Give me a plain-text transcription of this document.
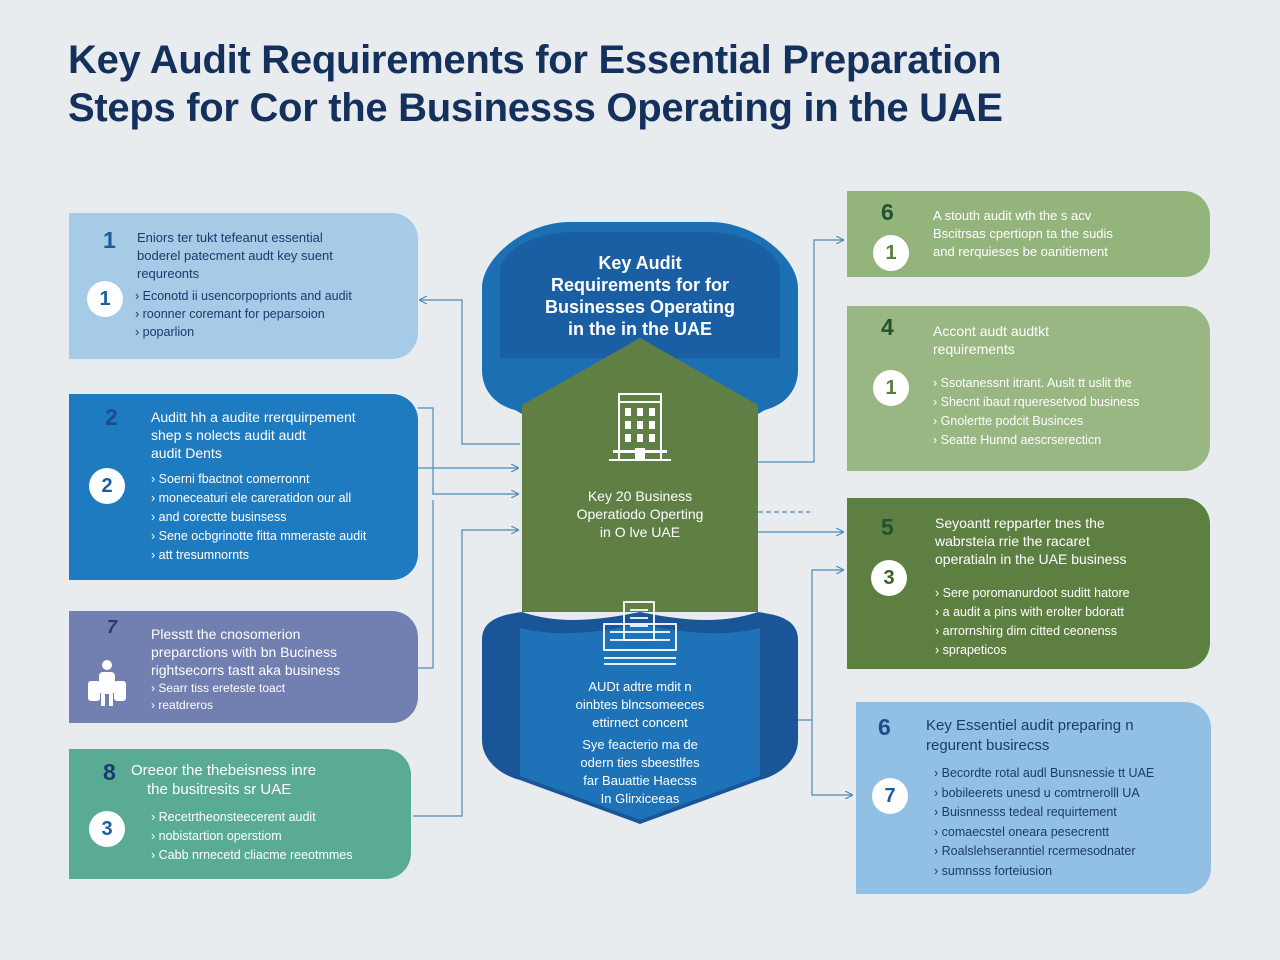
Key Audit Requirements for Essential Preparation
Steps for Cor the Businesss Operating in the UAE
Key Audit
Requirements for for
Businesses Operating
in the in the UAE
Key 20 Business
Operatiodo Operting
in O lve UAE
AUDt adtre mdit n
oinbtes blncsomeeces
ettirnect concent
Sye feacterio ma de
odern ties sbeestlfes
far Bauattie Haecss
In Glirxiceeas
1 Eniors ter tukt tefeanut essential
boderel patecment audt key suent
requreonts
1	› Econotd ii usencorpoprionts and audit
› roonner coremant for peparsoion
› poparlion
2 Auditt hh a audite rrerquirpement
shep s nolects audit audt
audit Dents
2	› Soerni fbactnot comerronnt
› moneceaturi ele careratidon our all
› and corectte businsess
› Sene ocbgrinotte fitta mmeraste audit
› att tresumnornts
7 Plesstt the cnosomerion
preparctions with bn Buciness
rightsecorrs tastt aka business
› Searr tiss ereteste toact
› reatdreros
8 Oreeor the thebeisness inre
the busitresits sr UAE
3
› Recetrtheonsteecerent audit
› nobistartion operstiom
› Cabb nrnecetd cliacme reeotmmes
6
1
A stouth audit wth the s acv
Bscitrsas cpertiopn ta the sudis
and rerquieses be oanitiement
4	Accont audt audtkt
requirements
1	› Ssotanessnt itrant. Auslt tt uslit the
› Shecnt ibaut rqueresetvod business
› Gnolertte podcit Businces
› Seatte Hunnd aescrserecticn
5	Seyoantt repparter tnes the
wabrsteia rrie the racaret
operatialn in the UAE business
3
› Sere poromanurdoot suditt hatore
› a audit a pins with erolter bdoratt
› arrornshirg dim citted ceonenss
› sprapeticos
6 Key Essentiel audit preparing n
regurent busirecss
7
› Becordte rotal audl Bunsnessie tt UAE
› bobileerets unesd u comtrnerolll UA
› Buisnnesss tedeal requirtement
› comaecstel oneara pesecrentt
› Roalslehseranntiel rcermesodnater
› sumnsss forteiusion
